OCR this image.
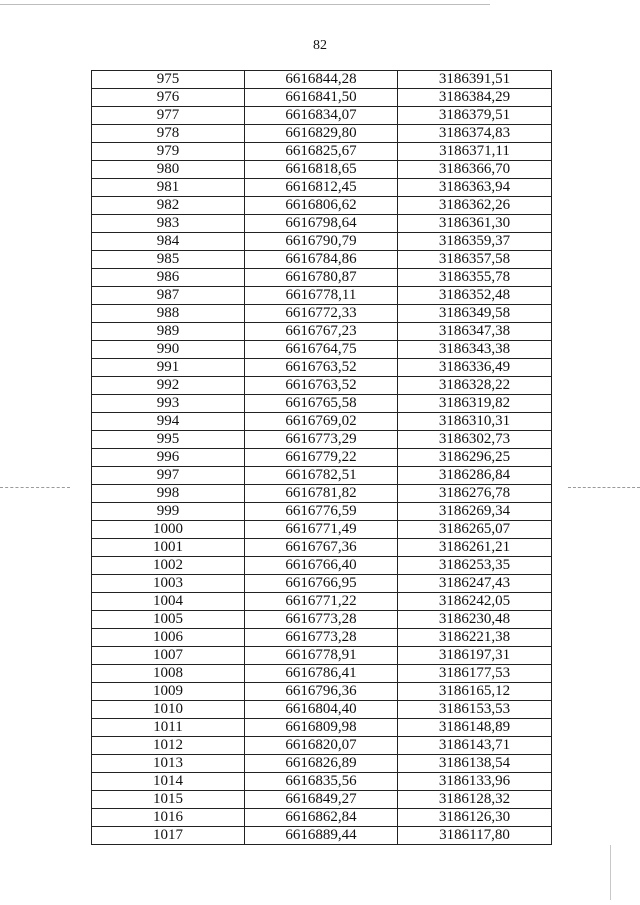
82
975	6616844,28	3186391,51
976	6616841,50	3186384,29
977	6616834,07	3186379,51
978	6616829,80	3186374,83
979	6616825,67	3186371,11
980	6616818,65	3186366,70
981	6616812,45	3186363,94
982	6616806,62	3186362,26
983	6616798,64	3186361,30
984	6616790,79	3186359,37
985	6616784,86	3186357,58
986	6616780,87	3186355,78
987	6616778,11	3186352,48
988	6616772,33	3186349,58
989	6616767,23	3186347,38
990	6616764,75	3186343,38
991	6616763,52	3186336,49
992	6616763,52	3186328,22
993	6616765,58	3186319,82
994	6616769,02	3186310,31
995	6616773,29	3186302,73
996	6616779,22	3186296,25
997	6616782,51	3186286,84
998	6616781,82	3186276,78
999	6616776,59	3186269,34
1000	6616771,49	3186265,07
1001	6616767,36	3186261,21
1002	6616766,40	3186253,35
1003	6616766,95	3186247,43
1004	6616771,22	3186242,05
1005	6616773,28	3186230,48
1006	6616773,28	3186221,38
1007	6616778,91	3186197,31
1008	6616786,41	3186177,53
1009	6616796,36	3186165,12
1010	6616804,40	3186153,53
1011	6616809,98	3186148,89
1012	6616820,07	3186143,71
1013	6616826,89	3186138,54
1014	6616835,56	3186133,96
1015	6616849,27	3186128,32
1016	6616862,84	3186126,30
1017	6616889,44	3186117,80
